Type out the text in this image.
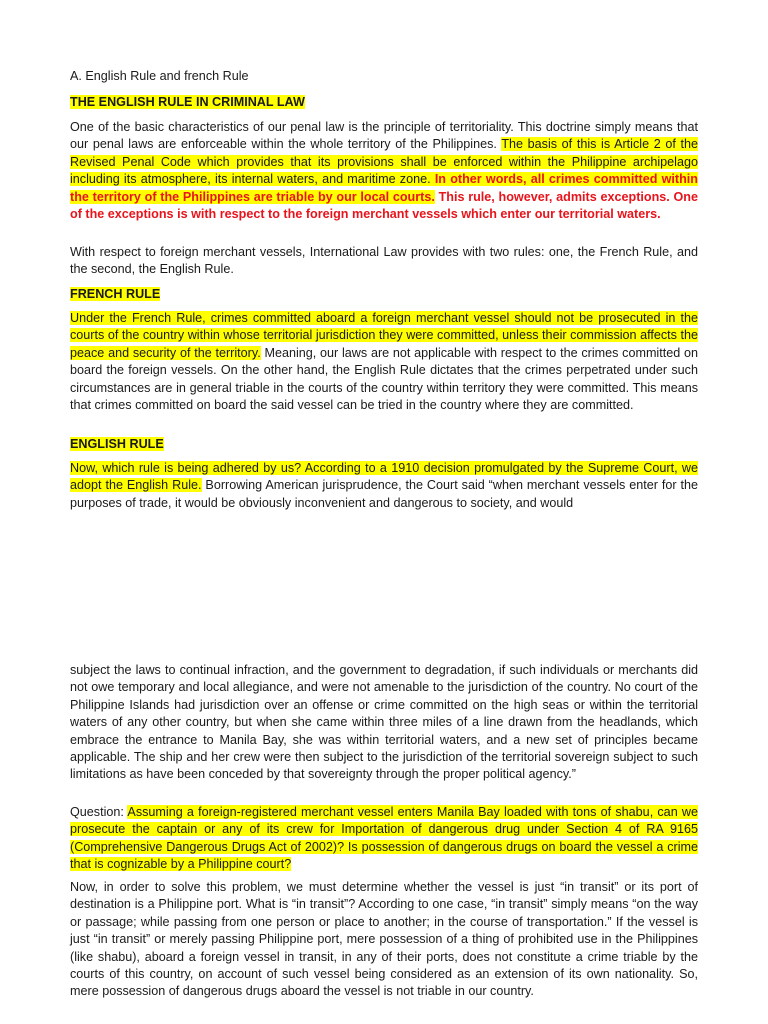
A. English Rule and french Rule
THE ENGLISH RULE IN CRIMINAL LAW
One of the basic characteristics of our penal law is the principle of territoriality. This doctrine simply means that our penal laws are enforceable within the whole territory of the Philippines. The basis of this is Article 2 of the Revised Penal Code which provides that its provisions shall be enforced within the Philippine archipelago including its atmosphere, its internal waters, and maritime zone. In other words, all crimes committed within the territory of the Philippines are triable by our local courts. This rule, however, admits exceptions. One of the exceptions is with respect to the foreign merchant vessels which enter our territorial waters.
With respect to foreign merchant vessels, International Law provides with two rules: one, the French Rule, and the second, the English Rule.
FRENCH RULE
Under the French Rule, crimes committed aboard a foreign merchant vessel should not be prosecuted in the courts of the country within whose territorial jurisdiction they were committed, unless their commission affects the peace and security of the territory. Meaning, our laws are not applicable with respect to the crimes committed on board the foreign vessels. On the other hand, the English Rule dictates that the crimes perpetrated under such circumstances are in general triable in the courts of the country within territory they were committed. This means that crimes committed on board the said vessel can be tried in the country where they are committed.
ENGLISH RULE
Now, which rule is being adhered by us? According to a 1910 decision promulgated by the Supreme Court, we adopt the English Rule. Borrowing American jurisprudence, the Court said “when merchant vessels enter for the purposes of trade, it would be obviously inconvenient and dangerous to society, and would
subject the laws to continual infraction, and the government to degradation, if such individuals or merchants did not owe temporary and local allegiance, and were not amenable to the jurisdiction of the country. No court of the Philippine Islands had jurisdiction over an offense or crime committed on the high seas or within the territorial waters of any other country, but when she came within three miles of a line drawn from the headlands, which embrace the entrance to Manila Bay, she was within territorial waters, and a new set of principles became applicable. The ship and her crew were then subject to the jurisdiction of the territorial sovereign subject to such limitations as have been conceded by that sovereignty through the proper political agency.”
Question: Assuming a foreign-registered merchant vessel enters Manila Bay loaded with tons of shabu, can we prosecute the captain or any of its crew for Importation of dangerous drug under Section 4 of RA 9165 (Comprehensive Dangerous Drugs Act of 2002)? Is possession of dangerous drugs on board the vessel a crime that is cognizable by a Philippine court?
Now, in order to solve this problem, we must determine whether the vessel is just “in transit” or its port of destination is a Philippine port. What is “in transit”? According to one case, “in transit” simply means “on the way or passage; while passing from one person or place to another; in the course of transportation.” If the vessel is just “in transit” or merely passing Philippine port, mere possession of a thing of prohibited use in the Philippines (like shabu), aboard a foreign vessel in transit, in any of their ports, does not constitute a crime triable by the courts of this country, on account of such vessel being considered as an extension of its own nationality. So, mere possession of dangerous drugs aboard the vessel is not triable in our country.
